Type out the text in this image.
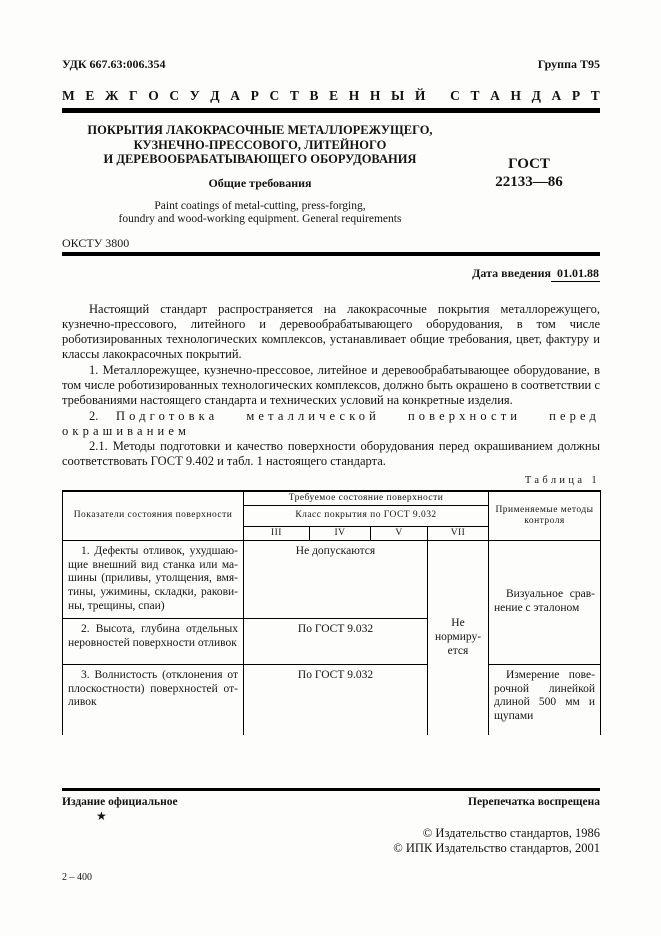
УДК 667.63:006.354	Группа Т95
М Е Ж Г О С У Д А Р С Т В Е Н Н Ы Й
С Т А Н Д А Р Т
ПОКРЫТИЯ ЛАКОКРАСОЧНЫЕ МЕТАЛЛОРЕЖУЩЕГО,
КУЗНЕЧНО-ПРЕССОВОГО, ЛИТЕЙНОГО
И ДЕРЕВООБРАБАТЫВАЮЩЕГО ОБОРУДОВАНИЯ
Общие требования
Paint coatings of metal-cutting, press-forging,
foundry and wood-working equipment. General requirements
ГОСТ
22133—86
ОКСТУ 3800
Дата введения 01.01.88

Настоящий стандарт распространяется на лакокрасочные покрытия металлорежущего, кузнечно-прессового, литейного и деревообрабатывающего оборудования, в том числе роботизированных технологических комплексов, устанавливает общие требования, цвет, фактуру и классы лакокрасочных покрытий.

1. Металлорежущее, кузнечно-прессовое, литейное и деревообрабатывающее оборудование, в том числе роботизированных технологических комплексов, должно быть окрашено в соответствии с требованиями настоящего стандарта и технических условий на конкретные изделия.

2. Подготовка металлической поверхности перед окрашиванием

2.1. Методы подготовки и качество поверхности оборудования перед окрашиванием должны соответствовать ГОСТ 9.402 и табл. 1 настоящего стандарта.

Таблица 1
Показатели состояния поверхности	Требуемое состояние поверхности				Применяемые методы контроля
	Класс покрытия по ГОСТ 9.032				
	III	IV	V	VII	
1. Дефекты отливок, ухудшающие внешний вид станка или машины (приливы, утолщения, вмятины, ужимины, складки, раковины, трещины, спаи)	Не допускаются			Не нормируется	Визуальное сравнение с эталоном
2. Высота, глубина отдельных неровностей поверхности отливок	По ГОСТ 9.032				
3. Волнистость (отклонения от плоскостности) поверхностей отливок	По ГОСТ 9.032				Измерение поверочной линейкой длиной 500 мм и щупами
Издание официальное	Перепечатка воспрещена
★
© Издательство стандартов, 1986
© ИПК Издательство стандартов, 2001
2 – 400
